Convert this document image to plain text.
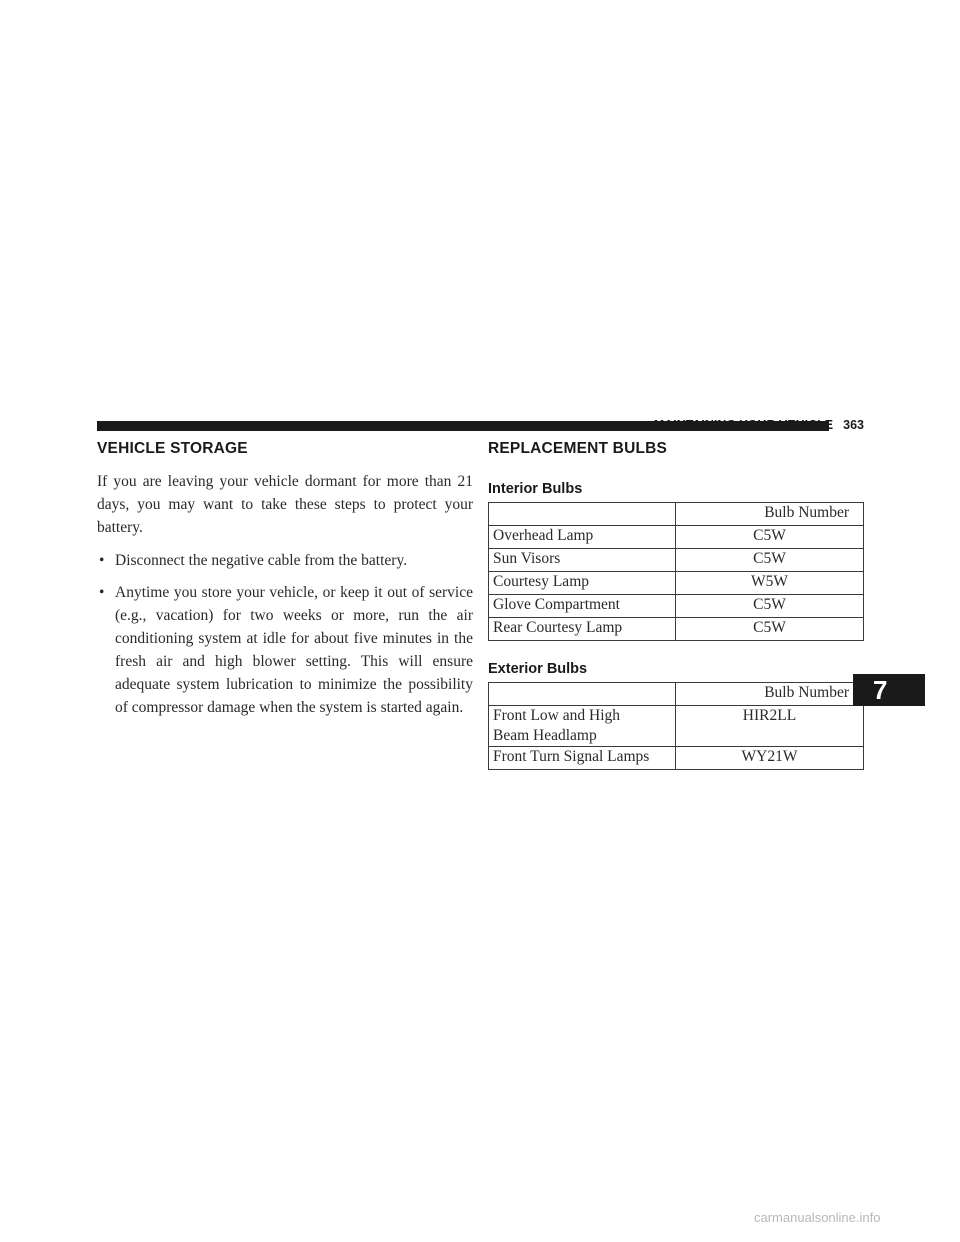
MAINTAINING YOUR VEHICLE 363
VEHICLE STORAGE

If you are leaving your vehicle dormant for more than 21 days, you may want to take these steps to protect your battery.

• Disconnect the negative cable from the battery.
• Anytime you store your vehicle, or keep it out of service (e.g., vacation) for two weeks or more, run the air conditioning system at idle for about five minutes in the fresh air and high blower setting. This will ensure adequate system lubrication to minimize the possibility of compressor damage when the system is started again.
REPLACEMENT BULBS
Interior Bulbs
	Bulb Number
Overhead Lamp	C5W
Sun Visors	C5W
Courtesy Lamp	W5W
Glove Compartment	C5W
Rear Courtesy Lamp	C5W
Exterior Bulbs
	Bulb Number
Front Low and High
Beam Headlamp	HIR2LL
Front Turn Signal Lamps	WY21W
7
carmanualsonline.info
